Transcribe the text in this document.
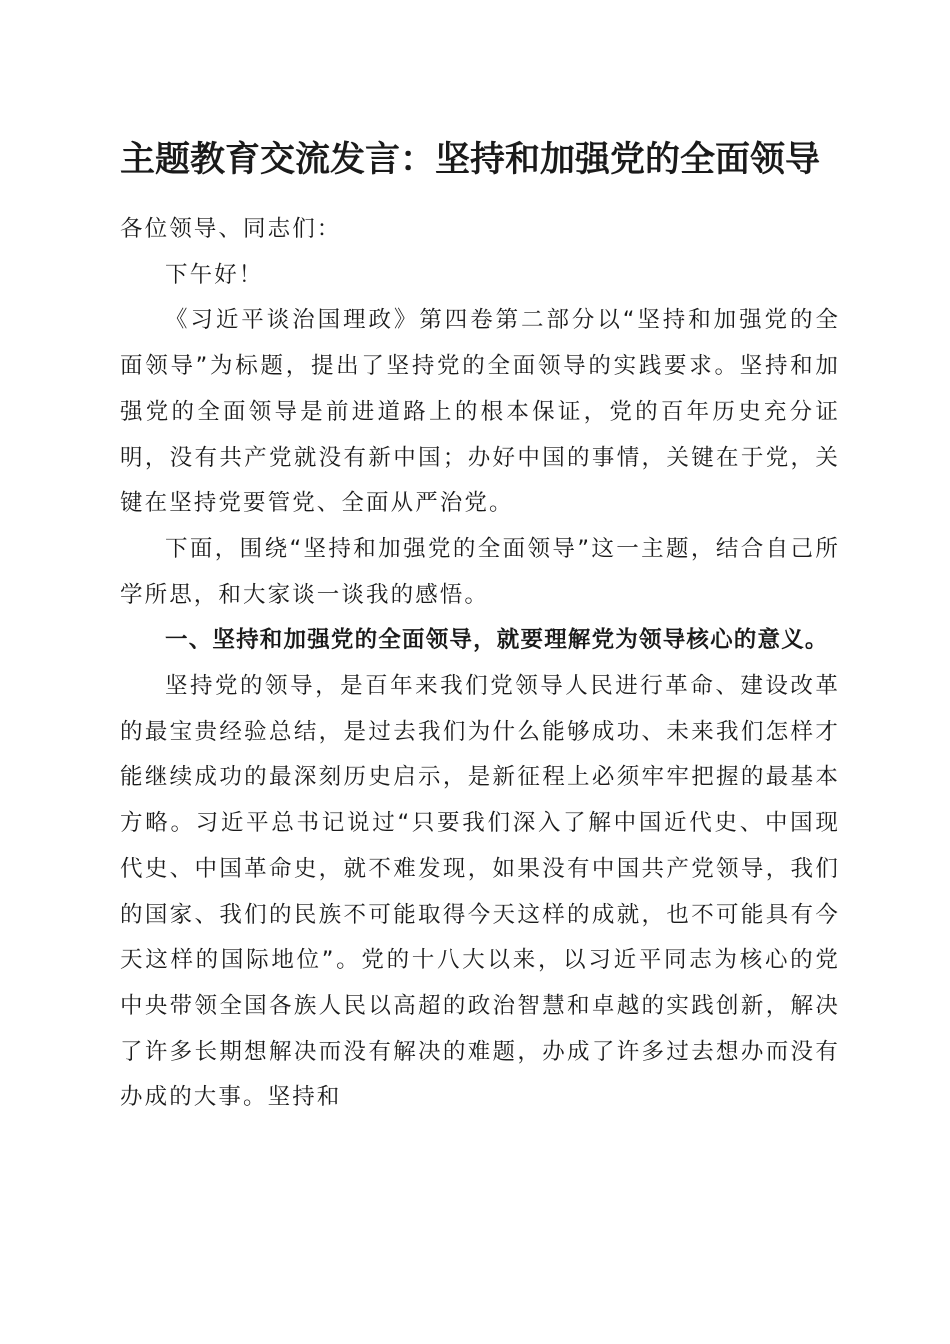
主题教育交流发言：坚持和加强党的全面领导

各位领导、同志们：

下午好！

《习近平谈治国理政》第四卷第二部分以“坚持和加强党的全面领导”为标题，提出了坚持党的全面领导的实践要求。坚持和加强党的全面领导是前进道路上的根本保证，党的百年历史充分证明，没有共产党就没有新中国；办好中国的事情，关键在于党，关键在坚持党要管党、全面从严治党。

下面，围绕“坚持和加强党的全面领导”这一主题，结合自己所学所思，和大家谈一谈我的感悟。

一、坚持和加强党的全面领导，就要理解党为领导核心的意义。

坚持党的领导，是百年来我们党领导人民进行革命、建设改革的最宝贵经验总结，是过去我们为什么能够成功、未来我们怎样才能继续成功的最深刻历史启示，是新征程上必须牢牢把握的最基本方略。习近平总书记说过“只要我们深入了解中国近代史、中国现代史、中国革命史，就不难发现，如果没有中国共产党领导，我们的国家、我们的民族不可能取得今天这样的成就，也不可能具有今天这样的国际地位”。党的十八大以来，以习近平同志为核心的党中央带领全国各族人民以高超的政治智慧和卓越的实践创新，解决了许多长期想解决而没有解决的难题，办成了许多过去想办而没有办成的大事。坚持和
